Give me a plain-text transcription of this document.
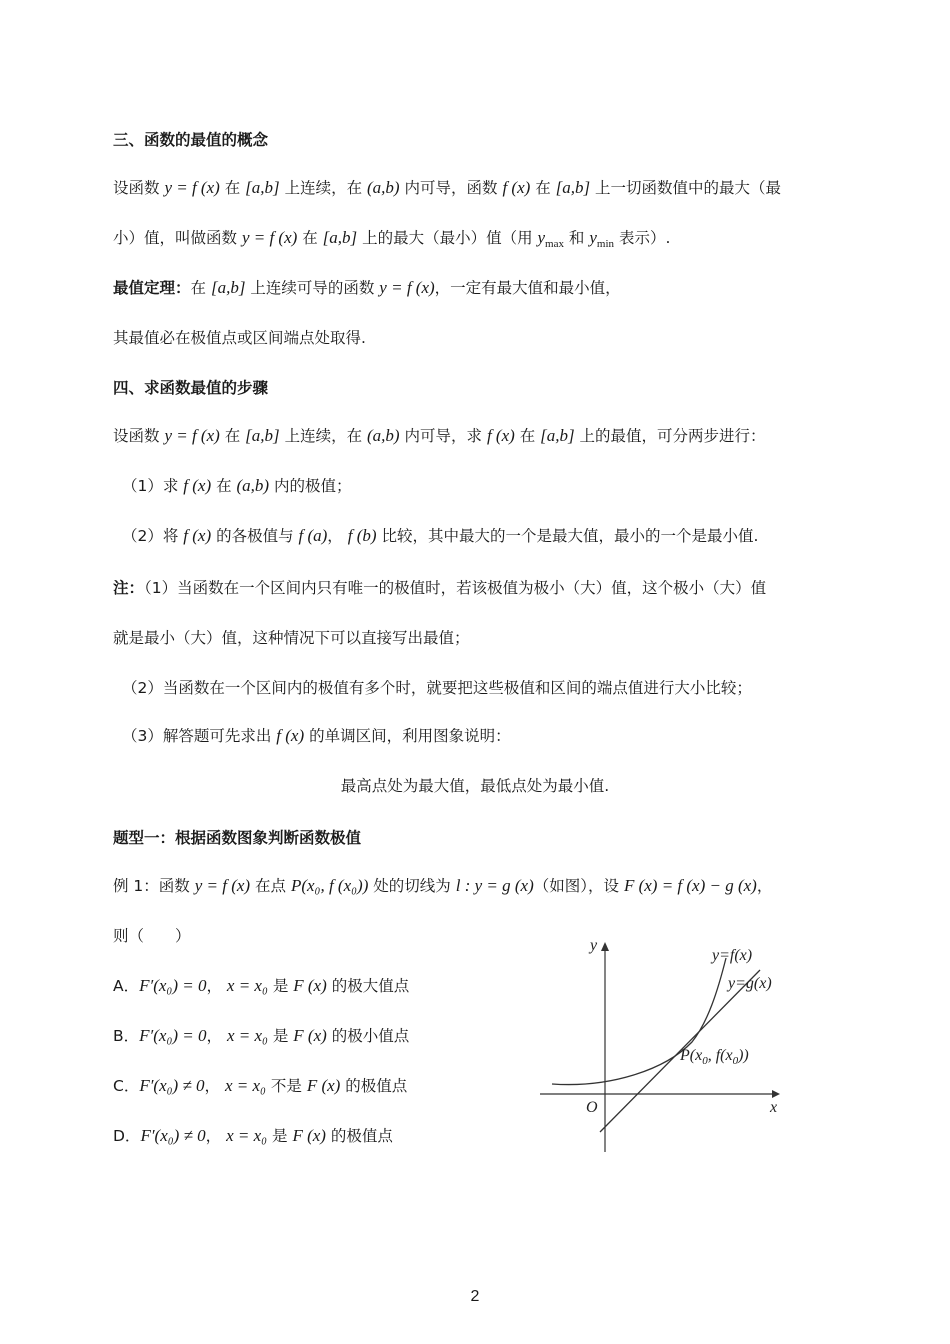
三、函数的最值的概念
设函数 y = f (x) 在 [a,b] 上连续，在 (a,b) 内可导，函数 f (x) 在 [a,b] 上一切函数值中的最大（最
小）值，叫做函数 y = f (x) 在 [a,b] 上的最大（最小）值（用 $y_{max}$ 和 $y_{min}$ 表示）.
最值定理：在 [a,b] 上连续可导的函数 y = f (x)，一定有最大值和最小值，
其最值必在极值点或区间端点处取得.
四、求函数最值的步骤
设函数 y = f (x) 在 [a,b] 上连续，在 (a,b) 内可导，求 f (x) 在 [a,b] 上的最值，可分两步进行：
（1）求 f (x) 在 (a,b) 内的极值；
（2）将 f (x) 的各极值与 f (a)， f (b) 比较，其中最大的一个是最大值，最小的一个是最小值.
注：（1）当函数在一个区间内只有唯一的极值时，若该极值为极小（大）值，这个极小（大）值
就是最小（大）值，这种情况下可以直接写出最值；
（2）当函数在一个区间内的极值有多个时，就要把这些极值和区间的端点值进行大小比较；
（3）解答题可先求出 f (x) 的单调区间，利用图象说明：
最高点处为最大值，最低点处为最小值.
题型一：根据函数图象判断函数极值
例 1：函数 y = f (x) 在点 P(x₀, f (x₀)) 处的切线为 l : y = g (x)（如图），设 F (x) = f (x) − g (x)，
则（　　）
A．F′(x₀) = 0， x = x₀ 是 F (x) 的极大值点
B．F′(x₀) = 0， x = x₀ 是 F (x) 的极小值点
C．F′(x₀) ≠ 0， x = x₀ 不是 F (x) 的极值点
D．F′(x₀) ≠ 0， x = x₀ 是 F (x) 的极值点
y
x
O
y=f(x)
y=g(x)
$P(x_0$, $f(x_0)$)
2
